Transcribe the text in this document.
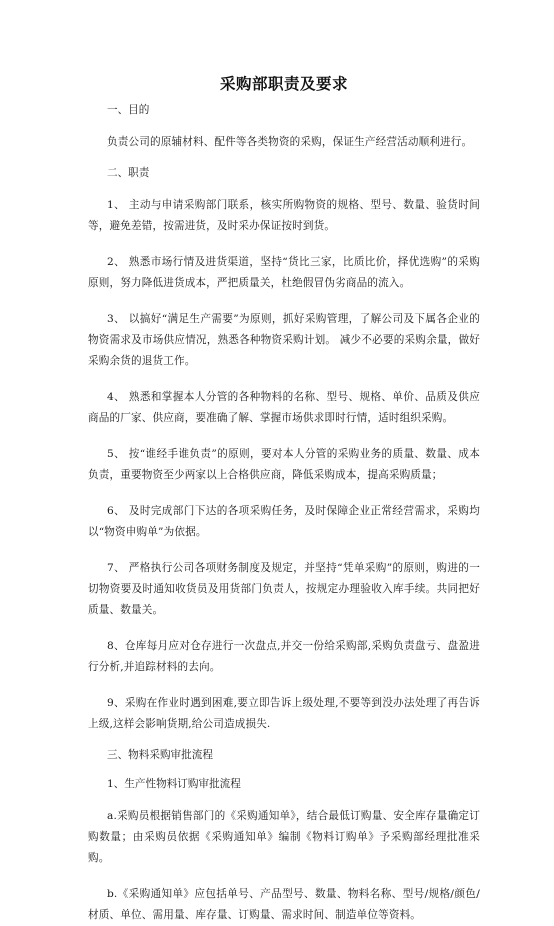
采购部职责及要求
一、目的

负责公司的原辅材料、配件等各类物资的采购，保证生产经营活动顺利进行。

二、职责

1、 主动与申请采购部门联系，核实所购物资的规格、型号、数量、验货时间等，避免差错，按需进货，及时采办保证按时到货。

2、 熟悉市场行情及进货渠道，坚持“货比三家，比质比价，择优选购”的采购原则，努力降低进货成本，严把质量关，杜绝假冒伪劣商品的流入。

3、 以搞好“满足生产需要”为原则，抓好采购管理，了解公司及下属各企业的物资需求及市场供应情况，熟悉各种物资采购计划。 减少不必要的采购余量，做好采购余货的退货工作。

4、 熟悉和掌握本人分管的各种物料的名称、型号、规格、单价、品质及供应商品的厂家、供应商，要准确了解、掌握市场供求即时行情，适时组织采购。

5、 按“谁经手谁负责”的原则，要对本人分管的采购业务的质量、数量、成本负责，重要物资至少两家以上合格供应商，降低采购成本，提高采购质量；

6、 及时完成部门下达的各项采购任务，及时保障企业正常经营需求，采购均以“物资申购单”为依据。

7、 严格执行公司各项财务制度及规定，并坚持“凭单采购”的原则，购进的一切物资要及时通知收货员及用货部门负责人，按规定办理验收入库手续。共同把好质量、数量关。

8、仓库每月应对仓存进行一次盘点,并交一份给采购部,采购负责盘亏、盘盈进行分析,并追踪材料的去向。

9、采购在作业时遇到困难,要立即告诉上级处理,不要等到没办法处理了再告诉上级,这样会影响货期,给公司造成损失.

三、物料采购审批流程
1、生产性物料订购审批流程

a.采购员根据销售部门的《采购通知单》，结合最低订购量、安全库存量确定订购数量；由采购员依据《采购通知单》编制《物料订购单》予采购部经理批准采购。

b.《采购通知单》应包括单号、产品型号、数量、物料名称、型号/规格/颜色/材质、单位、需用量、库存量、订购量、需求时间、制造单位等资料。
